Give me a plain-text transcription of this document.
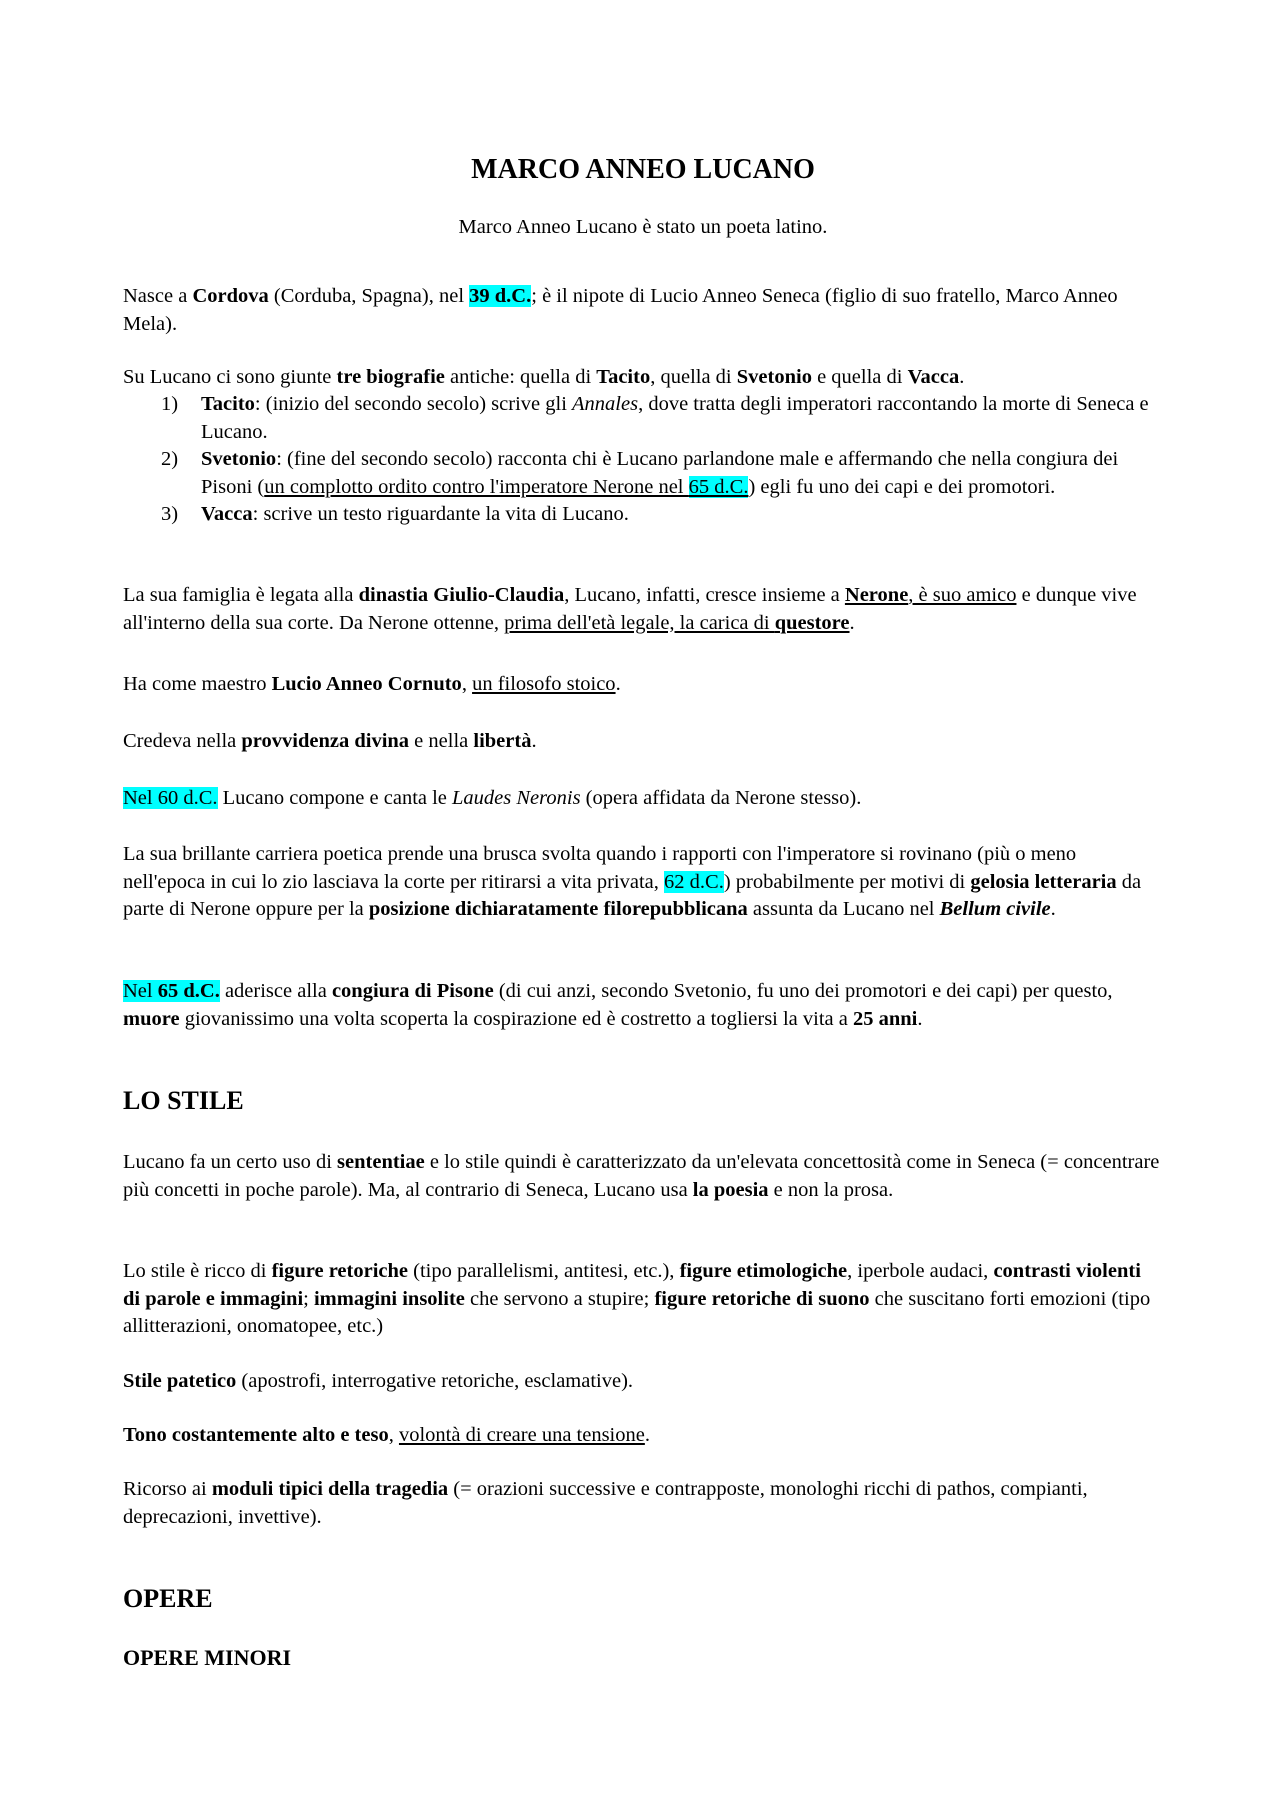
MARCO ANNEO LUCANO

Marco Anneo Lucano è stato un poeta latino.

Nasce a Cordova (Corduba, Spagna), nel 39 d.C.; è il nipote di Lucio Anneo Seneca (figlio di suo fratello, Marco Anneo Mela).

Su Lucano ci sono giunte tre biografie antiche: quella di Tacito, quella di Svetonio e quella di Vacca.

1) Tacito: (inizio del secondo secolo) scrive gli Annales, dove tratta degli imperatori raccontando la morte di Seneca e Lucano.
2) Svetonio: (fine del secondo secolo) racconta chi è Lucano parlandone male e affermando che nella congiura dei Pisoni (un complotto ordito contro l'imperatore Nerone nel 65 d.C.) egli fu uno dei capi e dei promotori.
3) Vacca: scrive un testo riguardante la vita di Lucano.

La sua famiglia è legata alla dinastia Giulio-Claudia, Lucano, infatti, cresce insieme a Nerone, è suo amico e dunque vive all'interno della sua corte. Da Nerone ottenne, prima dell'età legale, la carica di questore.

Ha come maestro Lucio Anneo Cornuto, un filosofo stoico.

Credeva nella provvidenza divina e nella libertà.

Nel 60 d.C. Lucano compone e canta le Laudes Neronis (opera affidata da Nerone stesso).

La sua brillante carriera poetica prende una brusca svolta quando i rapporti con l'imperatore si rovinano (più o meno nell'epoca in cui lo zio lasciava la corte per ritirarsi a vita privata, 62 d.C.) probabilmente per motivi di gelosia letteraria da parte di Nerone oppure per la posizione dichiaratamente filorepubblicana assunta da Lucano nel Bellum civile.

Nel 65 d.C. aderisce alla congiura di Pisone (di cui anzi, secondo Svetonio, fu uno dei promotori e dei capi) per questo, muore giovanissimo una volta scoperta la cospirazione ed è costretto a togliersi la vita a 25 anni.

LO STILE

Lucano fa un certo uso di sententiae e lo stile quindi è caratterizzato da un'elevata concettosità come in Seneca (= concentrare più concetti in poche parole). Ma, al contrario di Seneca, Lucano usa la poesia e non la prosa.

Lo stile è ricco di figure retoriche (tipo parallelismi, antitesi, etc.), figure etimologiche, iperbole audaci, contrasti violenti di parole e immagini; immagini insolite che servono a stupire; figure retoriche di suono che suscitano forti emozioni (tipo allitterazioni, onomatopee, etc.)

Stile patetico (apostrofi, interrogative retoriche, esclamative).

Tono costantemente alto e teso, volontà di creare una tensione.

Ricorso ai moduli tipici della tragedia (= orazioni successive e contrapposte, monologhi ricchi di pathos, compianti, deprecazioni, invettive).

OPERE
OPERE MINORI
